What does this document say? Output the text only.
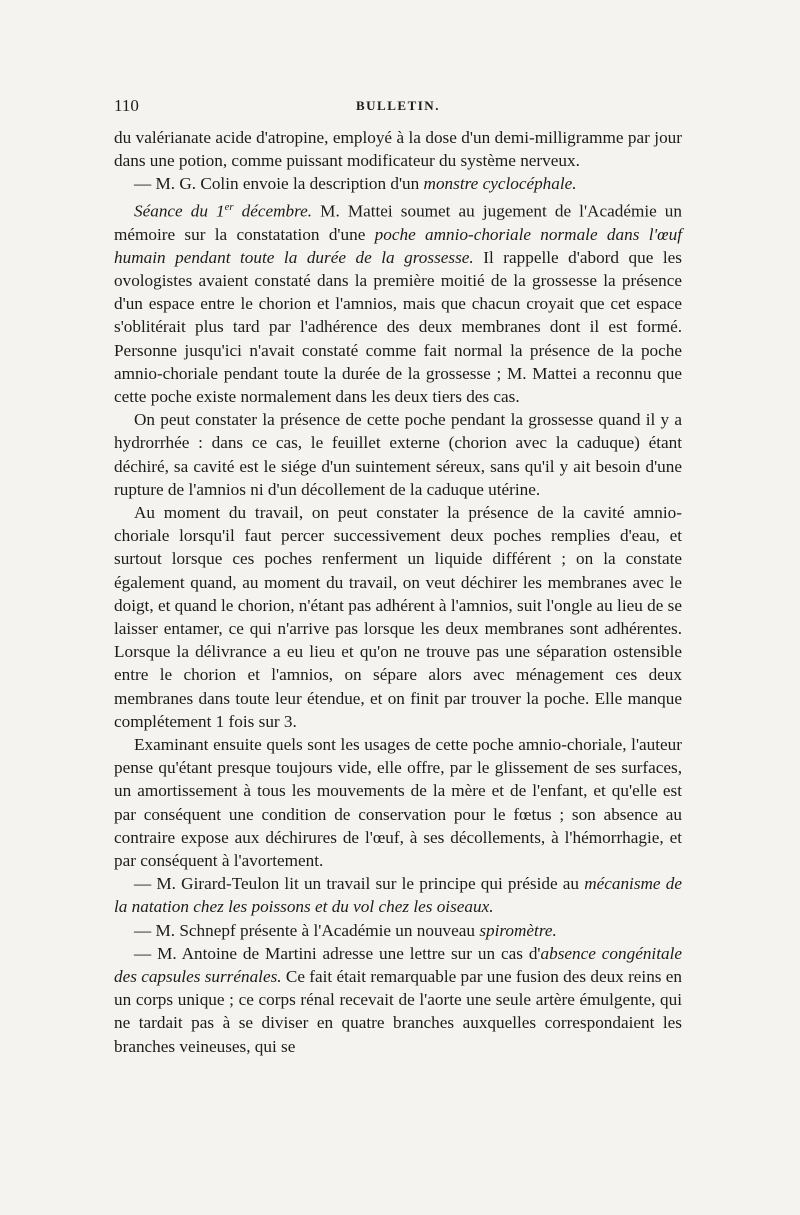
110	BULLETIN.

du valérianate acide d'atropine, employé à la dose d'un demi-milligramme par jour dans une potion, comme puissant modificateur du système nerveux.

— M. G. Colin envoie la description d'un monstre cyclocéphale.

Séance du 1er décembre. M. Mattei soumet au jugement de l'Académie un mémoire sur la constatation d'une poche amnio-choriale normale dans l'œuf humain pendant toute la durée de la grossesse. Il rappelle d'abord que les ovologistes avaient constaté dans la première moitié de la grossesse la présence d'un espace entre le chorion et l'amnios, mais que chacun croyait que cet espace s'oblitérait plus tard par l'adhérence des deux membranes dont il est formé. Personne jusqu'ici n'avait constaté comme fait normal la présence de la poche amnio-choriale pendant toute la durée de la grossesse ; M. Mattei a reconnu que cette poche existe normalement dans les deux tiers des cas.

On peut constater la présence de cette poche pendant la grossesse quand il y a hydrorrhée : dans ce cas, le feuillet externe (chorion avec la caduque) étant déchiré, sa cavité est le siége d'un suintement séreux, sans qu'il y ait besoin d'une rupture de l'amnios ni d'un décollement de la caduque utérine.

Au moment du travail, on peut constater la présence de la cavité amnio-choriale lorsqu'il faut percer successivement deux poches remplies d'eau, et surtout lorsque ces poches renferment un liquide différent ; on la constate également quand, au moment du travail, on veut déchirer les membranes avec le doigt, et quand le chorion, n'étant pas adhérent à l'amnios, suit l'ongle au lieu de se laisser entamer, ce qui n'arrive pas lorsque les deux membranes sont adhérentes. Lorsque la délivrance a eu lieu et qu'on ne trouve pas une séparation ostensible entre le chorion et l'amnios, on sépare alors avec ménagement ces deux membranes dans toute leur étendue, et on finit par trouver la poche. Elle manque complétement 1 fois sur 3.

Examinant ensuite quels sont les usages de cette poche amnio-choriale, l'auteur pense qu'étant presque toujours vide, elle offre, par le glissement de ses surfaces, un amortissement à tous les mouvements de la mère et de l'enfant, et qu'elle est par conséquent une condition de conservation pour le fœtus ; son absence au contraire expose aux déchirures de l'œuf, à ses décollements, à l'hémorrhagie, et par conséquent à l'avortement.

— M. Girard-Teulon lit un travail sur le principe qui préside au mécanisme de la natation chez les poissons et du vol chez les oiseaux.

— M. Schnepf présente à l'Académie un nouveau spiromètre.

— M. Antoine de Martini adresse une lettre sur un cas d'absence congénitale des capsules surrénales. Ce fait était remarquable par une fusion des deux reins en un corps unique ; ce corps rénal recevait de l'aorte une seule artère émulgente, qui ne tardait pas à se diviser en quatre branches auxquelles correspondaient les branches veineuses, qui se
